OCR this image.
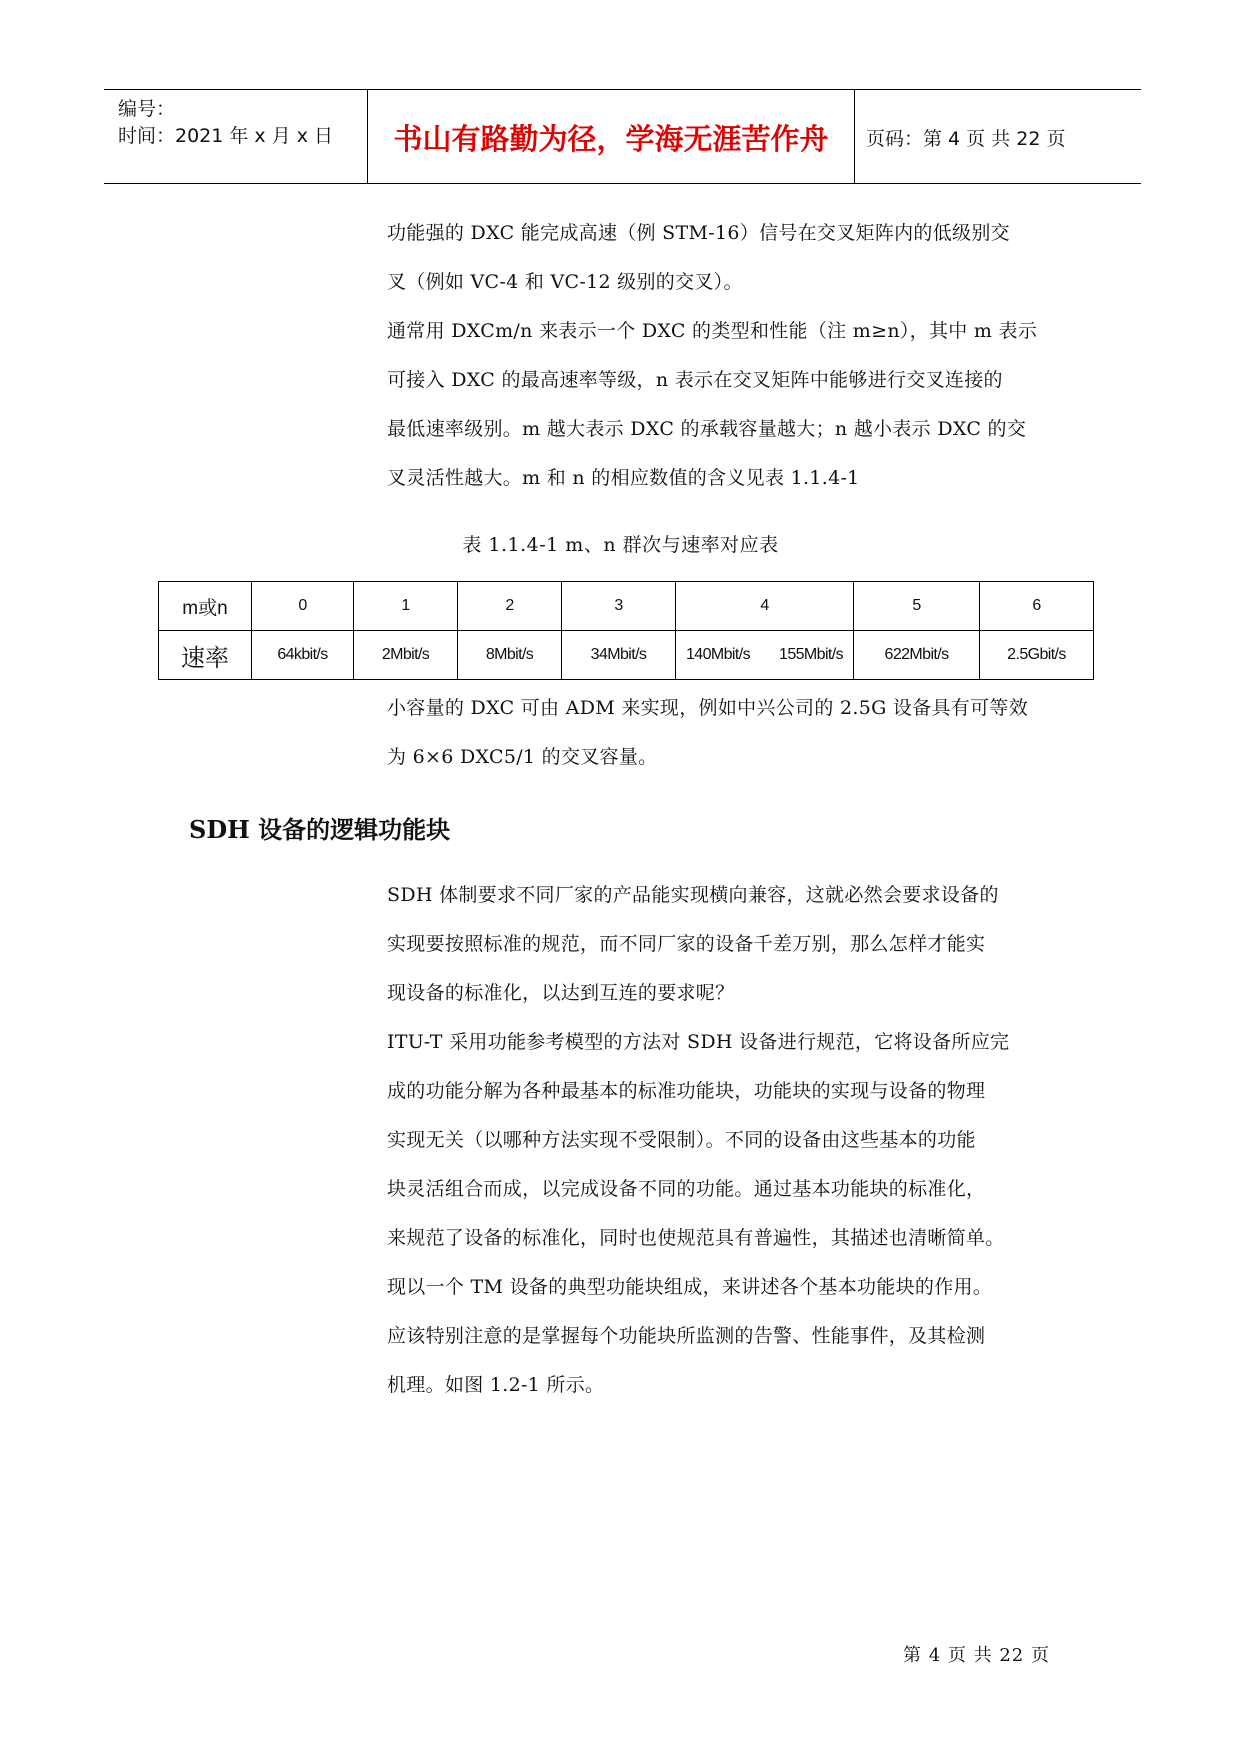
编号：
时间：2021 年 x 月 x 日	书山有路勤为径，学海无涯苦作舟	页码：第 4 页 共 22 页
功能强的 DXC 能完成高速（例 STM-16）信号在交叉矩阵内的低级别交
叉（例如 VC-4 和 VC-12 级别的交叉）。
通常用 DXCm/n 来表示一个 DXC 的类型和性能（注 m≥n），其中 m 表示
可接入 DXC 的最高速率等级，n 表示在交叉矩阵中能够进行交叉连接的
最低速率级别。m 越大表示 DXC 的承载容量越大；n 越小表示 DXC 的交
叉灵活性越大。m 和 n 的相应数值的含义见表 1.1.4-1
表 1.1.4-1 m、n 群次与速率对应表
m或n	0	1	2	3	4	5	6
速率	64kbit/s	2Mbit/s	8Mbit/s	34Mbit/s	140Mbit/s 155Mbit/s	622Mbit/s	2.5Gbit/s
小容量的 DXC 可由 ADM 来实现，例如中兴公司的 2.5G 设备具有可等效
为 6×6 DXC5/1 的交叉容量。
SDH 设备的逻辑功能块
SDH 体制要求不同厂家的产品能实现横向兼容，这就必然会要求设备的
实现要按照标准的规范，而不同厂家的设备千差万别，那么怎样才能实
现设备的标准化，以达到互连的要求呢？
ITU-T 采用功能参考模型的方法对 SDH 设备进行规范，它将设备所应完
成的功能分解为各种最基本的标准功能块，功能块的实现与设备的物理
实现无关（以哪种方法实现不受限制）。不同的设备由这些基本的功能
块灵活组合而成，以完成设备不同的功能。通过基本功能块的标准化，
来规范了设备的标准化，同时也使规范具有普遍性，其描述也清晰简单。
现以一个 TM 设备的典型功能块组成，来讲述各个基本功能块的作用。
应该特别注意的是掌握每个功能块所监测的告警、性能事件，及其检测
机理。如图 1.2-1 所示。
第 4 页 共 22 页
